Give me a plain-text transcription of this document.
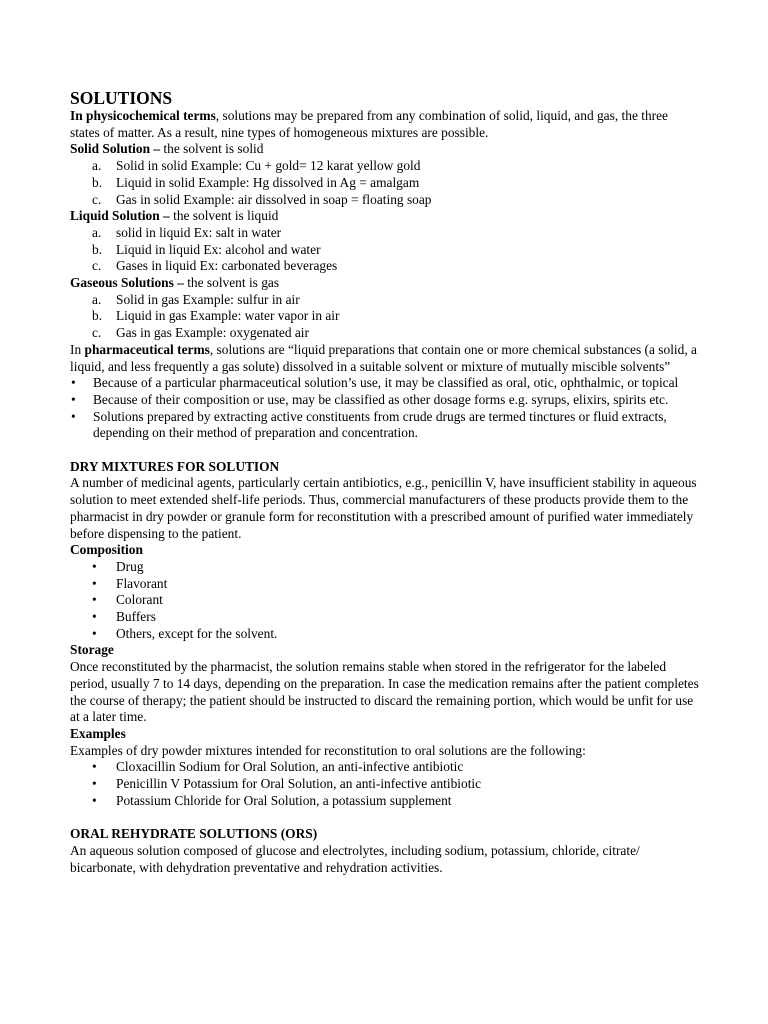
SOLUTIONS

In physicochemical terms, solutions may be prepared from any combination of solid, liquid, and gas, the three states of matter. As a result, nine types of homogeneous mixtures are possible.

Solid Solution – the solvent is solid

a. Solid in solid Example: Cu + gold= 12 karat yellow gold
b. Liquid in solid Example: Hg dissolved in Ag = amalgam
c. Gas in solid Example: air dissolved in soap = floating soap

Liquid Solution – the solvent is liquid

a. solid in liquid Ex: salt in water
b. Liquid in liquid Ex: alcohol and water
c. Gases in liquid Ex: carbonated beverages

Gaseous Solutions – the solvent is gas

a. Solid in gas Example: sulfur in air
b. Liquid in gas Example: water vapor in air
c. Gas in gas Example: oxygenated air

In pharmaceutical terms, solutions are “liquid preparations that contain one or more chemical substances (a solid, a liquid, and less frequently a gas solute) dissolved in a suitable solvent or mixture of mutually miscible solvents”

• Because of a particular pharmaceutical solution’s use, it may be classified as oral, otic, ophthalmic, or topical
• Because of their composition or use, may be classified as other dosage forms e.g. syrups, elixirs, spirits etc.
• Solutions prepared by extracting active constituents from crude drugs are termed tinctures or fluid extracts, depending on their method of preparation and concentration.

DRY MIXTURES FOR SOLUTION

A number of medicinal agents, particularly certain antibiotics, e.g., penicillin V, have insufficient stability in aqueous solution to meet extended shelf-life periods. Thus, commercial manufacturers of these products provide them to the pharmacist in dry powder or granule form for reconstitution with a prescribed amount of purified water immediately before dispensing to the patient.

Composition

• Drug
• Flavorant
• Colorant
• Buffers
• Others, except for the solvent.

Storage

Once reconstituted by the pharmacist, the solution remains stable when stored in the refrigerator for the labeled period, usually 7 to 14 days, depending on the preparation. In case the medication remains after the patient completes the course of therapy; the patient should be instructed to discard the remaining portion, which would be unfit for use at a later time.

Examples

Examples of dry powder mixtures intended for reconstitution to oral solutions are the following:

• Cloxacillin Sodium for Oral Solution, an anti-infective antibiotic
• Penicillin V Potassium for Oral Solution, an anti-infective antibiotic
• Potassium Chloride for Oral Solution, a potassium supplement

ORAL REHYDRATE SOLUTIONS (ORS)

An aqueous solution composed of glucose and electrolytes, including sodium, potassium, chloride, citrate/ bicarbonate, with dehydration preventative and rehydration activities.
